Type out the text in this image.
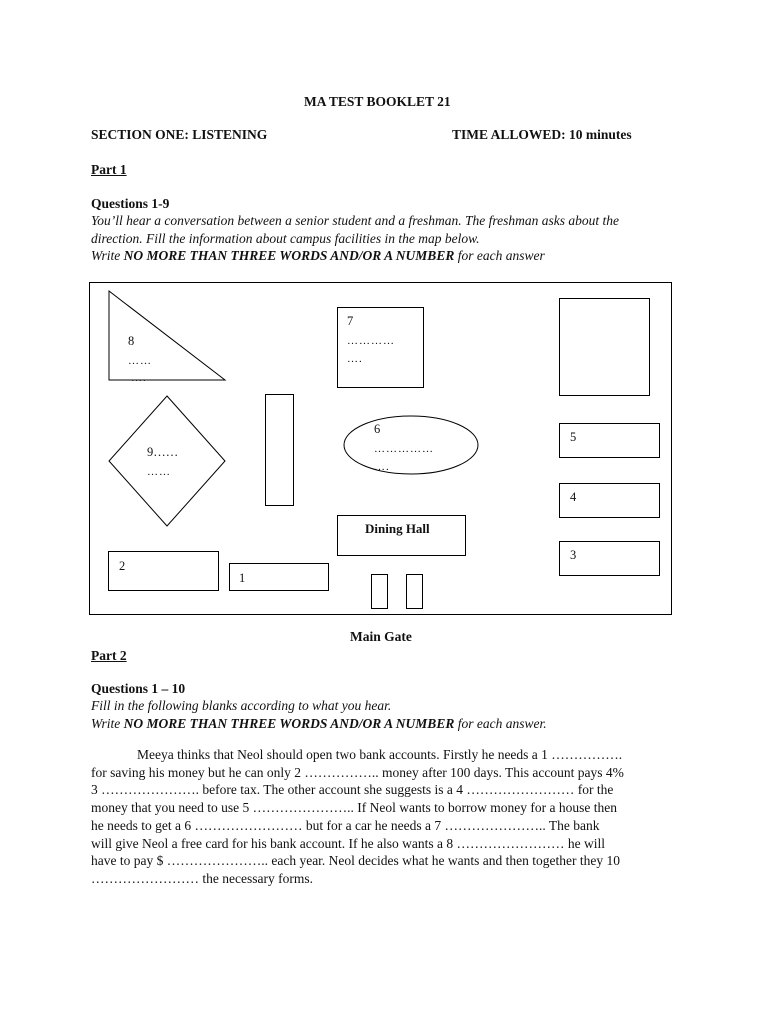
MA TEST BOOKLET 21
SECTION ONE: LISTENING	TIME ALLOWED: 10 minutes
Part 1
Questions 1-9
You’ll hear a conversation between a senior student and a freshman. The freshman asks about the
direction. Fill the information about campus facilities in the map below.
Write NO MORE THAN THREE WORDS AND/OR A NUMBER for each answer
8
……
….
7
…………
….
9……
……
6
……………
….
5
4
3
Dining Hall
2
1
Main Gate
Part 2
Questions 1 – 10
Fill in the following blanks according to what you hear.
Write NO MORE THAN THREE WORDS AND/OR A NUMBER for each answer.
Meeya thinks that Neol should open two bank accounts. Firstly he needs a 1 …………….
for saving his money but he can only 2 …………….. money after 100 days. This account pays 4%
3 …………………. before tax. The other account she suggests is a 4 …………………… for the
money that you need to use 5 ………………….. If Neol wants to borrow money for a house then
he needs to get a 6 …………………… but for a car he needs a 7 ………………….. The bank
will give Neol a free card for his bank account. If he also wants a 8 …………………… he will
have to pay $ ………………….. each year. Neol decides what he wants and then together they 10
…………………… the necessary forms.
